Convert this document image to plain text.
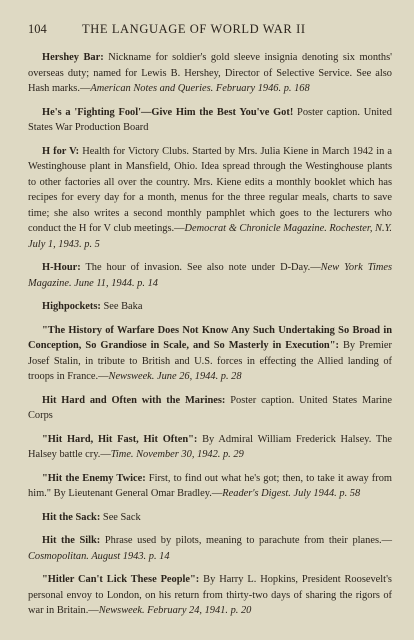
104	THE LANGUAGE OF WORLD WAR II

Hershey Bar: Nickname for soldier's gold sleeve insignia denoting six months' overseas duty; named for Lewis B. Hershey, Director of Selective Service. See also Hash marks.—American Notes and Queries. February 1946. p. 168

He's a 'Fighting Fool'—Give Him the Best You've Got! Poster caption. United States War Production Board

H for V: Health for Victory Clubs. Started by Mrs. Julia Kiene in March 1942 in a Westinghouse plant in Mansfield, Ohio. Idea spread through the Westinghouse plants to other factories all over the country. Mrs. Kiene edits a monthly booklet which has recipes for every day for a month, menus for the three regular meals, charts to save time; she also writes a second monthly pamphlet which goes to the lecturers who conduct the H for V club meetings.—Democrat & Chronicle Magazine. Rochester, N.Y. July 1, 1943. p. 5

H-Hour: The hour of invasion. See also note under D-Day.—New York Times Magazine. June 11, 1944. p. 14

Highpockets: See Baka

"The History of Warfare Does Not Know Any Such Undertaking So Broad in Conception, So Grandiose in Scale, and So Masterly in Execution": By Premier Josef Stalin, in tribute to British and U.S. forces in effecting the Allied landing of troops in France.—Newsweek. June 26, 1944. p. 28

Hit Hard and Often with the Marines: Poster caption. United States Marine Corps

"Hit Hard, Hit Fast, Hit Often": By Admiral William Frederick Halsey. The Halsey battle cry.—Time. November 30, 1942. p. 29

"Hit the Enemy Twice: First, to find out what he's got; then, to take it away from him." By Lieutenant General Omar Bradley.—Reader's Digest. July 1944. p. 58

Hit the Sack: See Sack

Hit the Silk: Phrase used by pilots, meaning to parachute from their planes.—Cosmopolitan. August 1943. p. 14

"Hitler Can't Lick These People": By Harry L. Hopkins, President Roosevelt's personal envoy to London, on his return from thirty-two days of sharing the rigors of war in Britain.—Newsweek. February 24, 1941. p. 20
